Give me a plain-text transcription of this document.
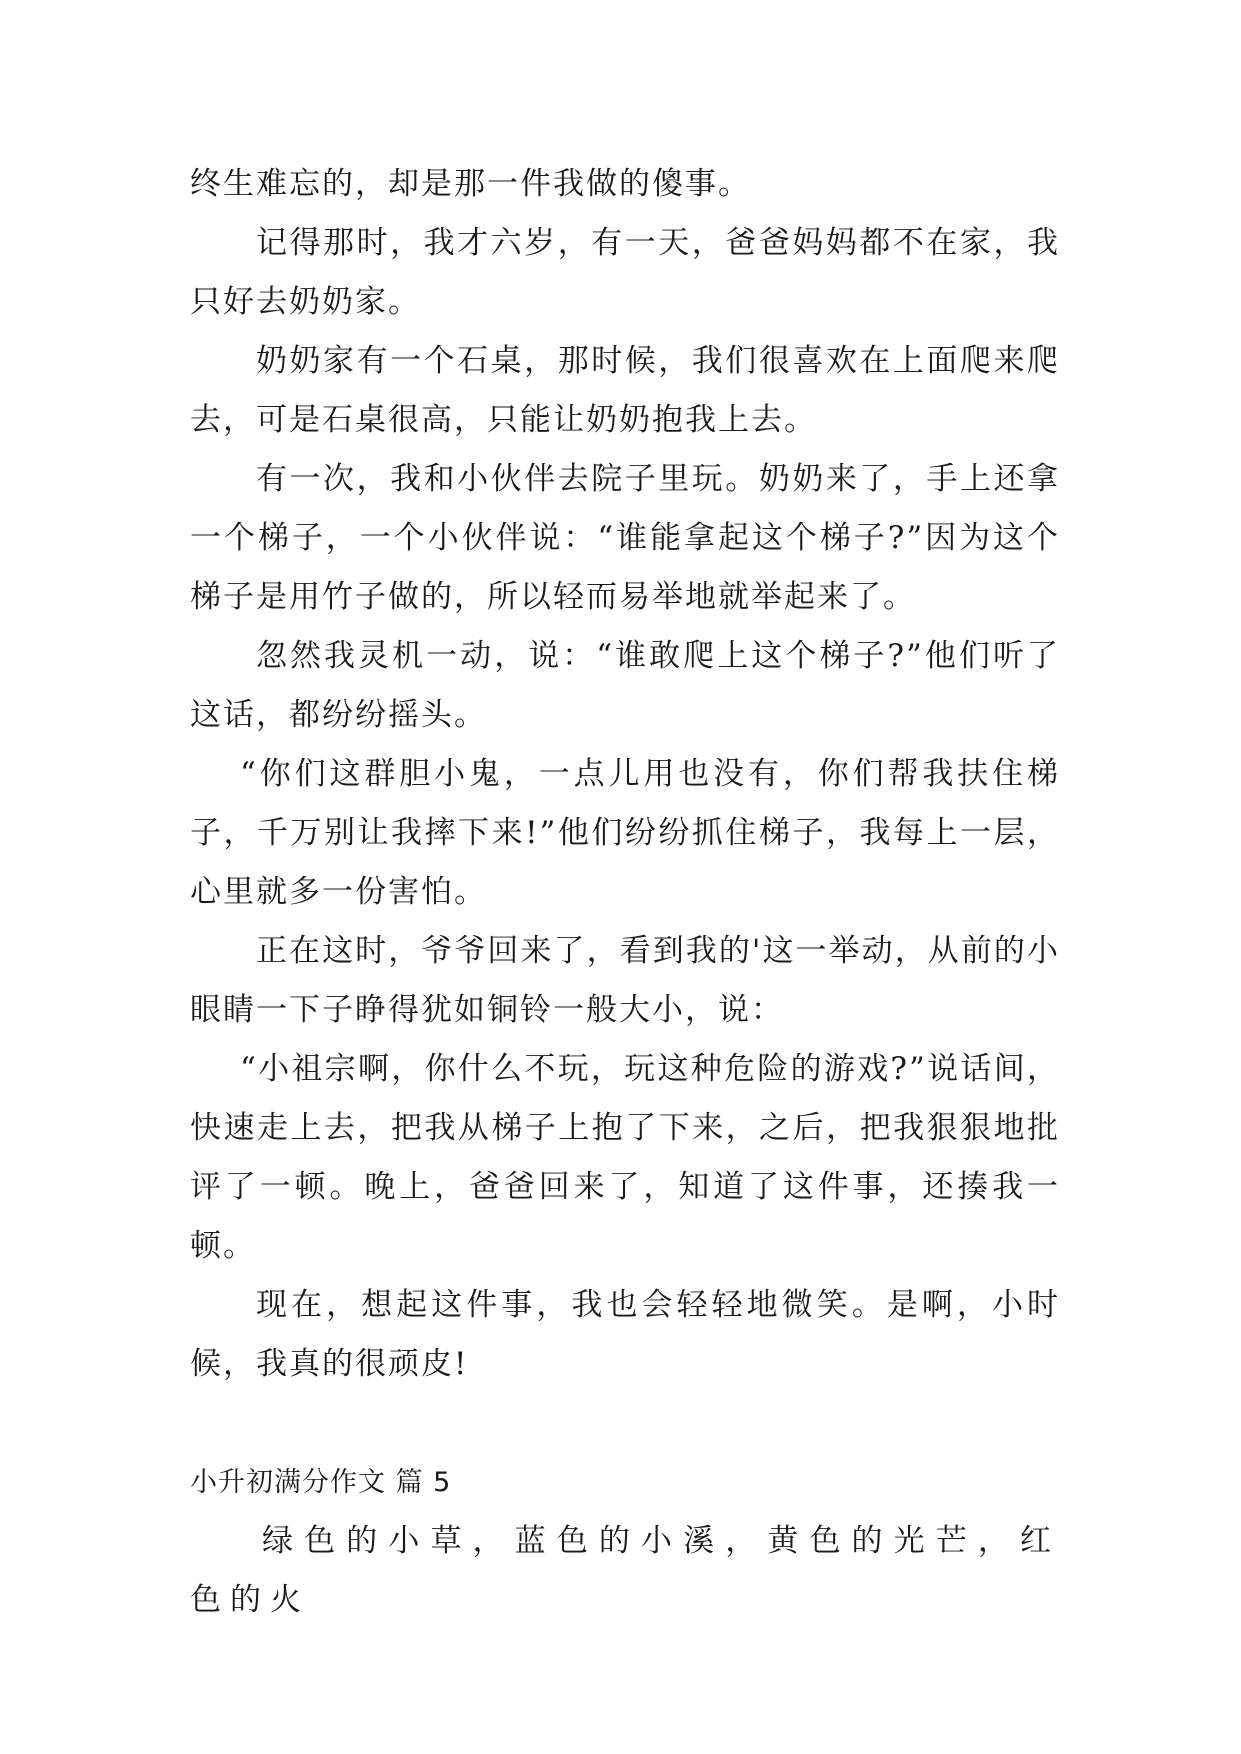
终生难忘的，却是那一件我做的傻事。

记得那时，我才六岁，有一天，爸爸妈妈都不在家，我只好去奶奶家。

奶奶家有一个石桌，那时候，我们很喜欢在上面爬来爬去，可是石桌很高，只能让奶奶抱我上去。

有一次，我和小伙伴去院子里玩。奶奶来了，手上还拿一个梯子，一个小伙伴说：“谁能拿起这个梯子?”因为这个梯子是用竹子做的，所以轻而易举地就举起来了。

忽然我灵机一动，说：“谁敢爬上这个梯子?”他们听了这话，都纷纷摇头。

“你们这群胆小鬼，一点儿用也没有，你们帮我扶住梯子，千万别让我摔下来!”他们纷纷抓住梯子，我每上一层，心里就多一份害怕。

正在这时，爷爷回来了，看到我的'这一举动，从前的小眼睛一下子睁得犹如铜铃一般大小，说：

“小祖宗啊，你什么不玩，玩这种危险的游戏?”说话间，快速走上去，把我从梯子上抱了下来，之后，把我狠狠地批评了一顿。晚上，爸爸回来了，知道了这件事，还揍我一顿。

现在，想起这件事，我也会轻轻地微笑。是啊，小时候，我真的很顽皮!

小升初满分作文 篇 5

绿色的小草，蓝色的小溪，黄色的光芒，红色的火
